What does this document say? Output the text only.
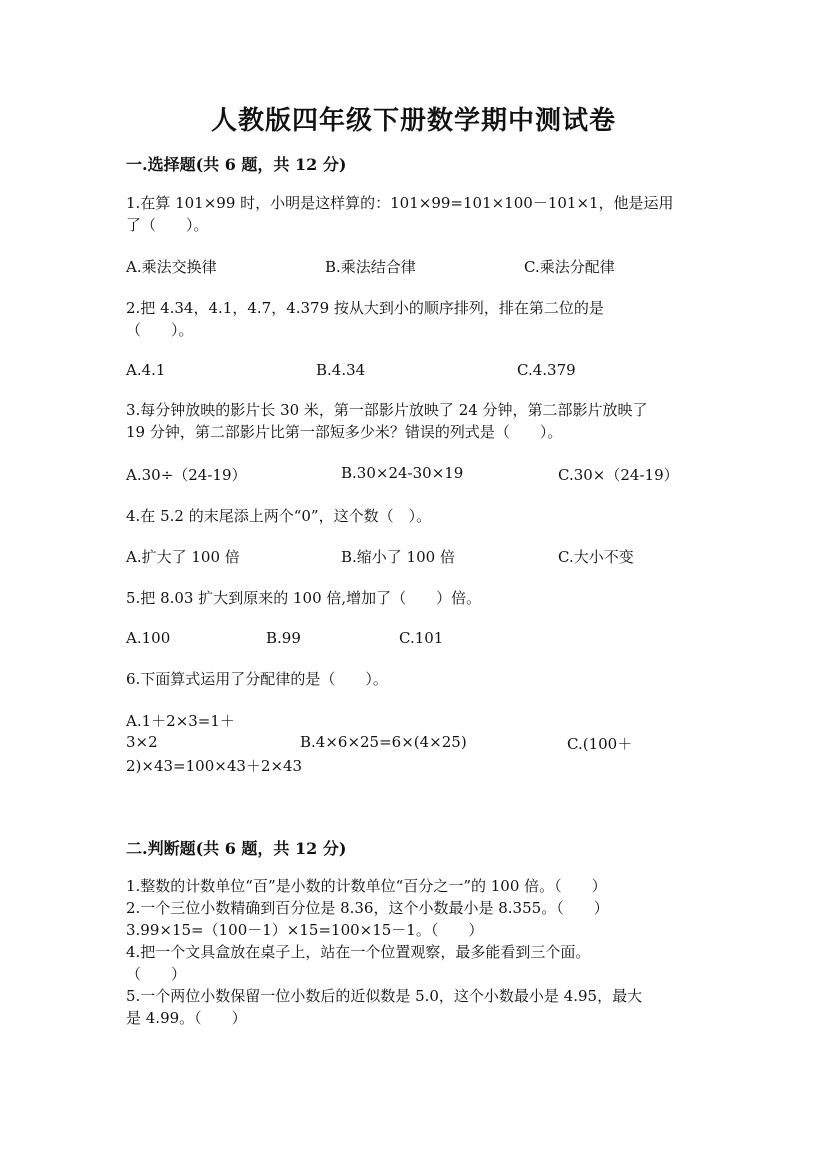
人教版四年级下册数学期中测试卷
一.选择题(共 6 题，共 12 分)
1.在算 101×99 时，小明是这样算的：101×99=101×100－101×1，他是运用
了（　　）。
A.乘法交换律	B.乘法结合律	C.乘法分配律
2.把 4.34，4.1，4.7，4.379 按从大到小的顺序排列，排在第二位的是
（　　）。
A.4.1	B.4.34	C.4.379
3.每分钟放映的影片长 30 米，第一部影片放映了 24 分钟，第二部影片放映了
19 分钟，第二部影片比第一部短多少米？错误的列式是（　　）。
A.30÷（24-19）	B.30×24-30×19	C.30×（24-19）
4.在 5.2 的末尾添上两个“0”，这个数（　）。
A.扩大了 100 倍	B.缩小了 100 倍	C.大小不变
5.把 8.03 扩大到原来的 100 倍,增加了（　　）倍。
A.100	B.99	C.101
6.下面算式运用了分配律的是（　　）。
A.1＋2×3=1＋
3×2	B.4×6×25=6×(4×25)	C.(100＋
2)×43=100×43＋2×43
二.判断题(共 6 题，共 12 分)
1.整数的计数单位“百”是小数的计数单位“百分之一”的 100 倍。（　　）
2.一个三位小数精确到百分位是 8.36，这个小数最小是 8.355。（　　）
3.99×15=（100－1）×15=100×15－1。（　　）
4.把一个文具盒放在桌子上，站在一个位置观察，最多能看到三个面。
（　　）
5.一个两位小数保留一位小数后的近似数是 5.0，这个小数最小是 4.95，最大
是 4.99。（　　）
